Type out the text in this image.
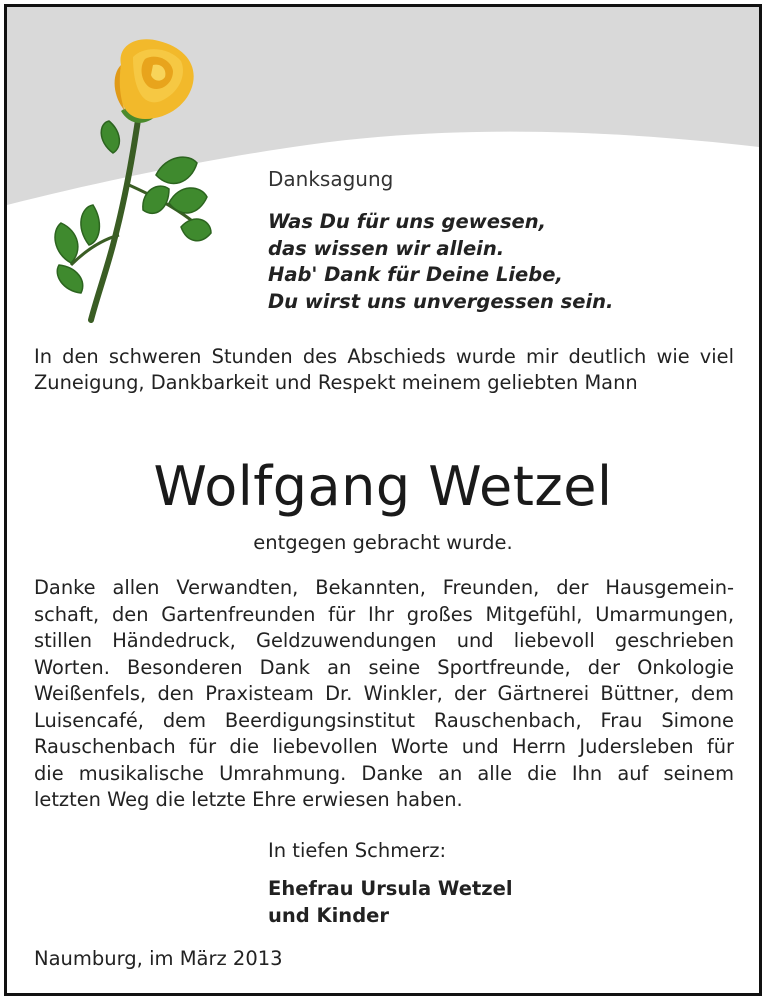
Danksagung
Was Du für uns gewesen,
das wissen wir allein.
Hab' Dank für Deine Liebe,
Du wirst uns unvergessen sein.
In den schweren Stunden des Abschieds wurde mir deutlich wie viel Zuneigung, Dankbarkeit und Respekt meinem geliebten Mann
Wolfgang Wetzel
entgegen gebracht wurde.
Danke allen Verwandten, Bekannten, Freunden, der Hausgemein-
schaft, den Gartenfreunden für Ihr großes Mitgefühl, Umarmungen,
stillen Händedruck, Geldzuwendungen und liebevoll geschrieben
Worten. Besonderen Dank an seine Sportfreunde, der Onkologie
Weißenfels, den Praxisteam Dr. Winkler, der Gärtnerei Büttner, dem
Luisencafé, dem Beerdigungsinstitut Rauschenbach, Frau Simone
Rauschenbach für die liebevollen Worte und Herrn Judersleben für
die musikalische Umrahmung. Danke an alle die Ihn auf seinem
letzten Weg die letzte Ehre erwiesen haben.
In tiefen Schmerz:
Ehefrau Ursula Wetzel
und Kinder
Naumburg, im März 2013
